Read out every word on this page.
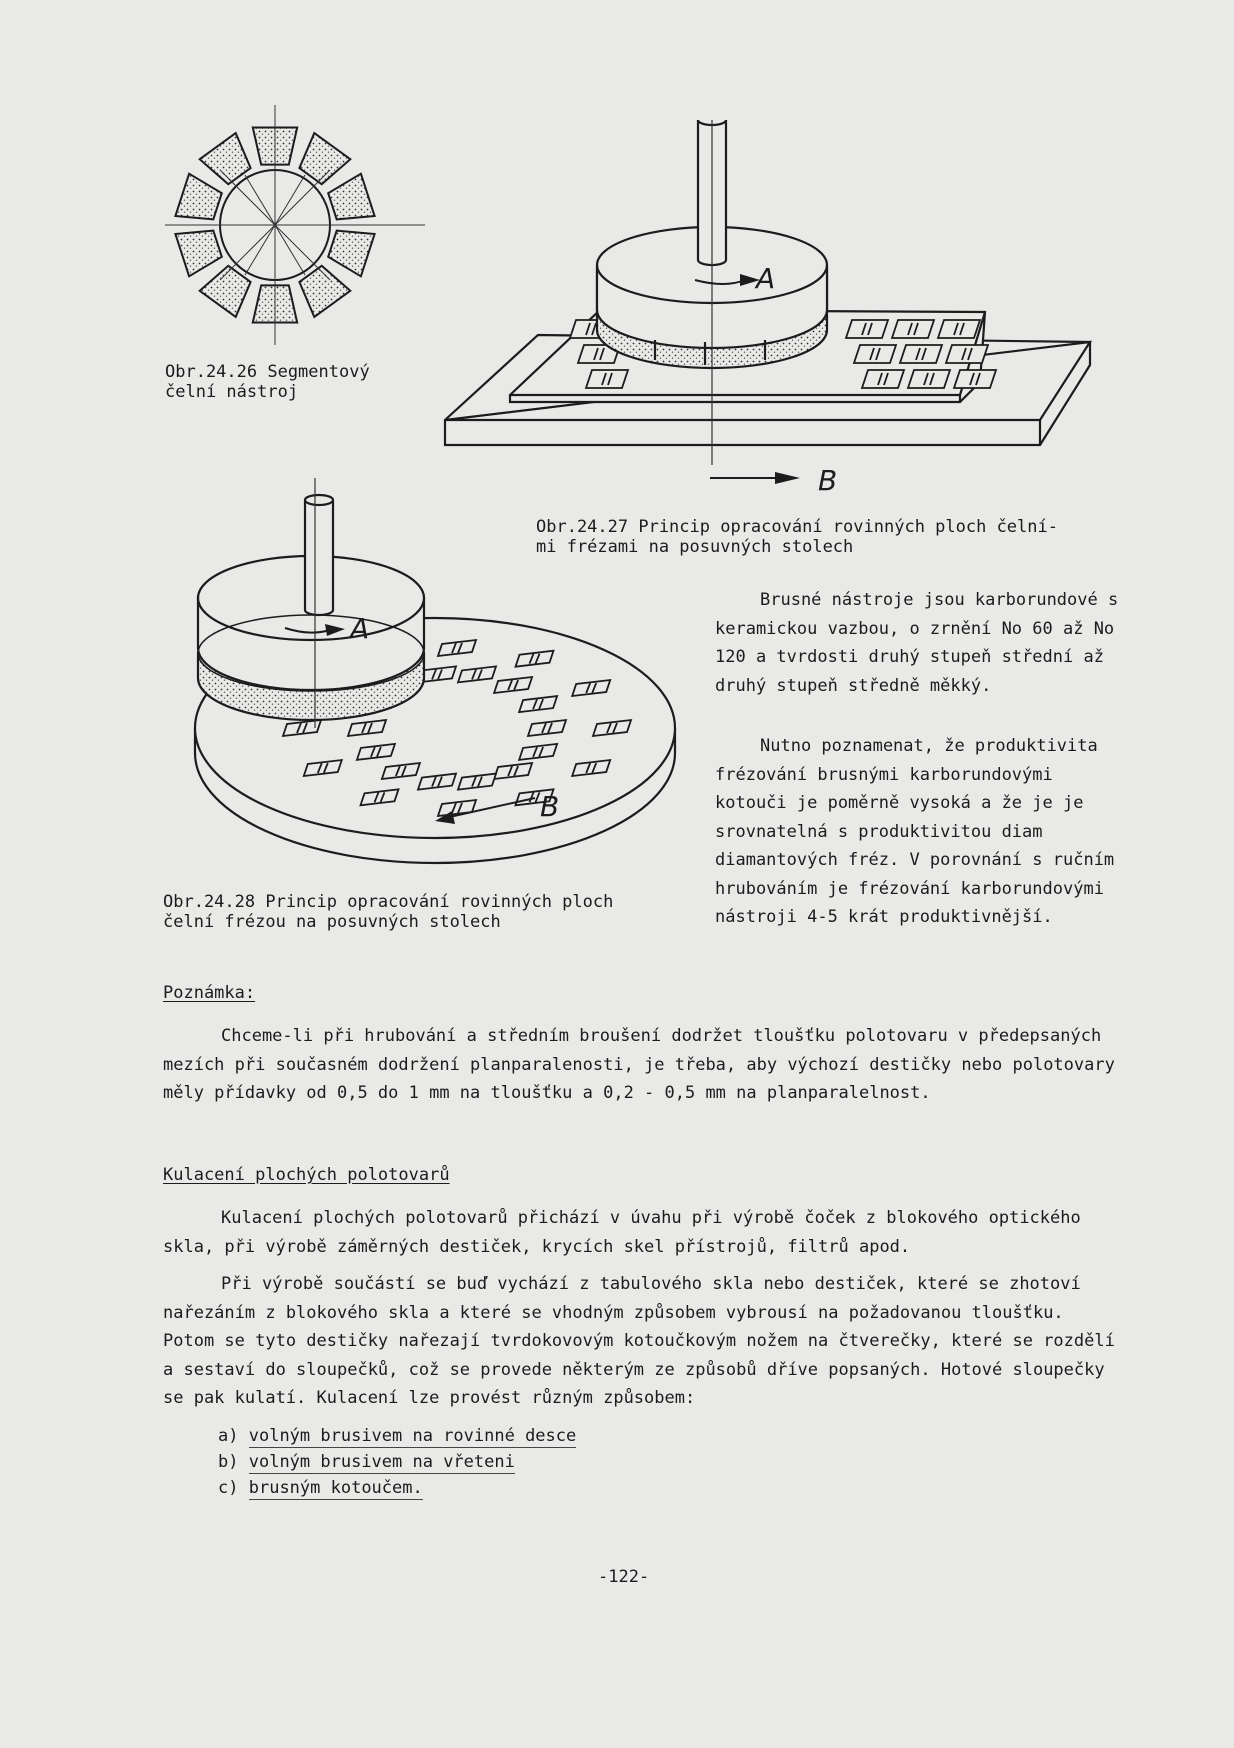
Obr.24.26 Segmentový
čelní nástroj
A
B
Obr.24.27 Princip opracování rovinných ploch čelní-
mi frézami na posuvných stolech
A
B
Obr.24.28 Princip opracování rovinných ploch
čelní frézou na posuvných stolech
Brusné nástroje jsou karborundové s keramickou vazbou, o zrnění No 60 až No 120 a tvrdosti druhý stupeň střední až druhý stupeň středně měkký.
Nutno poznamenat, že produktivita frézování brusnými karborundovými kotouči je poměrně vysoká a že je je srovnatelná s produktivitou diam diamantových fréz. V porovnání s ručním hrubováním je frézování karborundovými nástroji 4-5 krát produktivnější.
Poznámka:
Chceme-li při hrubování a středním broušení dodržet tloušťku polotovaru v předepsaných mezích při současném dodržení planparalenosti, je třeba, aby výchozí destičky nebo polotovary měly přídavky od 0,5 do 1 mm na tloušťku a 0,2 - 0,5 mm na planparalelnost.
Kulacení plochých polotovarů
Kulacení plochých polotovarů přichází v úvahu při výrobě čoček z blokového optického skla, při výrobě záměrných destiček, krycích skel přístrojů, filtrů apod.
Při výrobě součástí se buď vychází z tabulového skla nebo destiček, které se zhotoví nařezáním z blokového skla a které se vhodným způsobem vybrousí na požadovanou tloušťku. Potom se tyto destičky nařezají tvrdokovovým kotoučkovým nožem na čtverečky, které se rozdělí a sestaví do sloupečků, což se provede některým ze způsobů dříve popsaných. Hotové sloupečky se pak kulatí. Kulacení lze provést různým způsobem:
a) volným brusivem na rovinné desce
b) volným brusivem na vřeteni
c) brusným kotoučem.
-122-
